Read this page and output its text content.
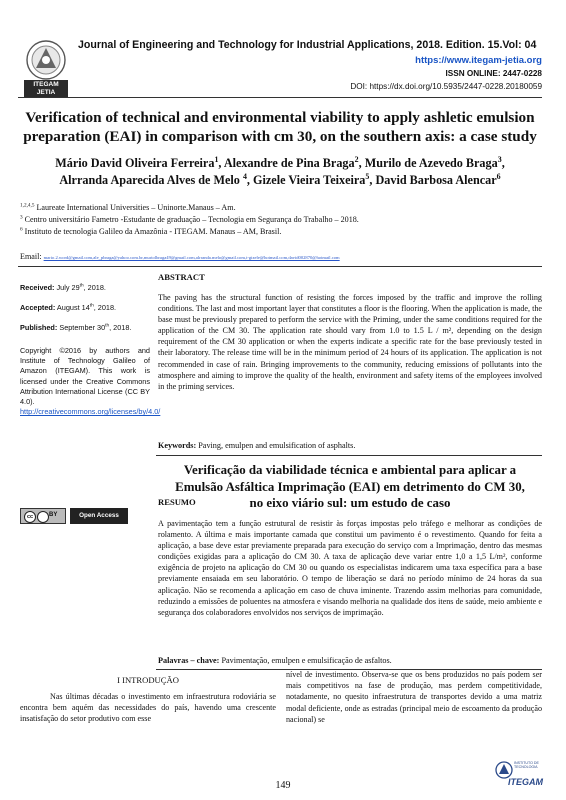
ITEGAM
JETIA
Journal of Engineering and Technology for Industrial Applications, 2018. Edition. 15.Vol: 04
https://www.itegam-jetia.org
ISSN ONLINE: 2447-0228
DOI: https://dx.doi.org/10.5935/2447-0228.20180059
Verification of technical and environmental viability to apply ashletic emulsion preparation (EAI) in comparison with cm 30, on the southern axis: a case study
Mário David Oliveira Ferreira$^1$, Alexandre de Pina Braga$^2$, Murilo de Azevedo Braga$^3$,
Alrranda Aparecida Alves de Melo $^4$, Gizele Vieira Teixeira$^5$, David Barbosa Alencar$^6$
$^{1,2,4,5}$ Laureate International Universities – Uninorte.Manaus – Am.
$^3$ Centro universitário Fametro -Estudante de graduação – Tecnologia em Segurança do Trabalho – 2018.
$^6$ Instituto de tecnologia Galileo da Amazônia - ITEGAM. Manaus – AM, Brasil.
Email: mario.2.word@gmail.com,ale_pbraga@yahoo.com.br,muriolbraga49@gmail.com,alrranda.melo@gmail.com,t-gizele@hotmail.com,david002870@hotmail.com
Received: July 29th, 2018.
Accepted: August 14th, 2018.
Published: September 30th, 2018.
Copyright ©2016 by authors and Institute of Technology Galileo of Amazon (ITEGAM). This work is licensed under the Creative Commons Attribution International License (CC BY 4.0).
http://creativecommons.org/licenses/by/4.0/
cc	BY	Open Access
ABSTRACT
The paving has the structural function of resisting the forces imposed by the traffic and improve the rolling conditions. The last and most important layer that constitutes a floor is the flooring. When the application is made, the base must be previously prepared to perform the service with the Priming, under the same conditions required for the application of the CM 30. The application rate should vary from 1.0 to 1.5 L / m², depending on the design requirement of the CM 30 application or when the experts indicate a specific rate for the base previously tested in their laboratory. The release time will be in the minimum period of 24 hours of its application. The application is not recommended in case of rain. Bringing improvements to the community, reducing emissions of pollutants into the atmosphere and aiming to improve the quality of the health, environment and safety items of the employees involved in the priming services.
Keywords: Paving, emulpen and emulsification of asphalts.
Verificação da viabilidade técnica e ambiental para aplicar a Emulsão Asfáltica Imprimação (EAI) em detrimento do CM 30, no eixo viário sul: um estudo de caso
RESUMO
A pavimentação tem a função estrutural de resistir às forças impostas pelo tráfego e melhorar as condições de rolamento. A última e mais importante camada que constitui um pavimento é o revestimento. Quando for feita a aplicação, a base deve estar previamente preparada para execução do serviço com a Imprimação, dentro das mesmas condições exigidas para a aplicação do CM 30. A taxa de aplicação deve variar entre 1,0 a 1,5 L/m², conforme exigência de projeto na aplicação do CM 30 ou quando os especialistas indicarem uma taxa específica para a base previamente ensaiada em seu laboratório. O tempo de liberação se dará no período mínimo de 24 horas da sua aplicação. Não se recomenda a aplicação em caso de chuva iminente. Trazendo assim melhorias para comunidade, reduzindo a emissões de poluentes na atmosfera e visando melhoria na qualidade dos itens de saúde, meio ambiente e segurança dos colaboradores envolvidos nos serviços de imprimação.
Palavras – chave: Pavimentação, emulpen e emulsificação de asfaltos.
I INTRODUÇÃO
Nas últimas décadas o investimento em infraestrutura rodoviária se encontra bem aquém das necessidades do país, havendo uma crescente insatisfação do setor produtivo com esse
nível de investimento. Observa-se que os bens produzidos no país podem ser mais competitivos na fase de produção, mas perdem competitividade, notadamente, no quesito infraestrutura de transportes devido a uma matriz modal deficiente, onde as estradas (principal meio de escoamento da produção nacional) se
149
INSTITUTO DE TECNOLOGIA
ITEGAM
